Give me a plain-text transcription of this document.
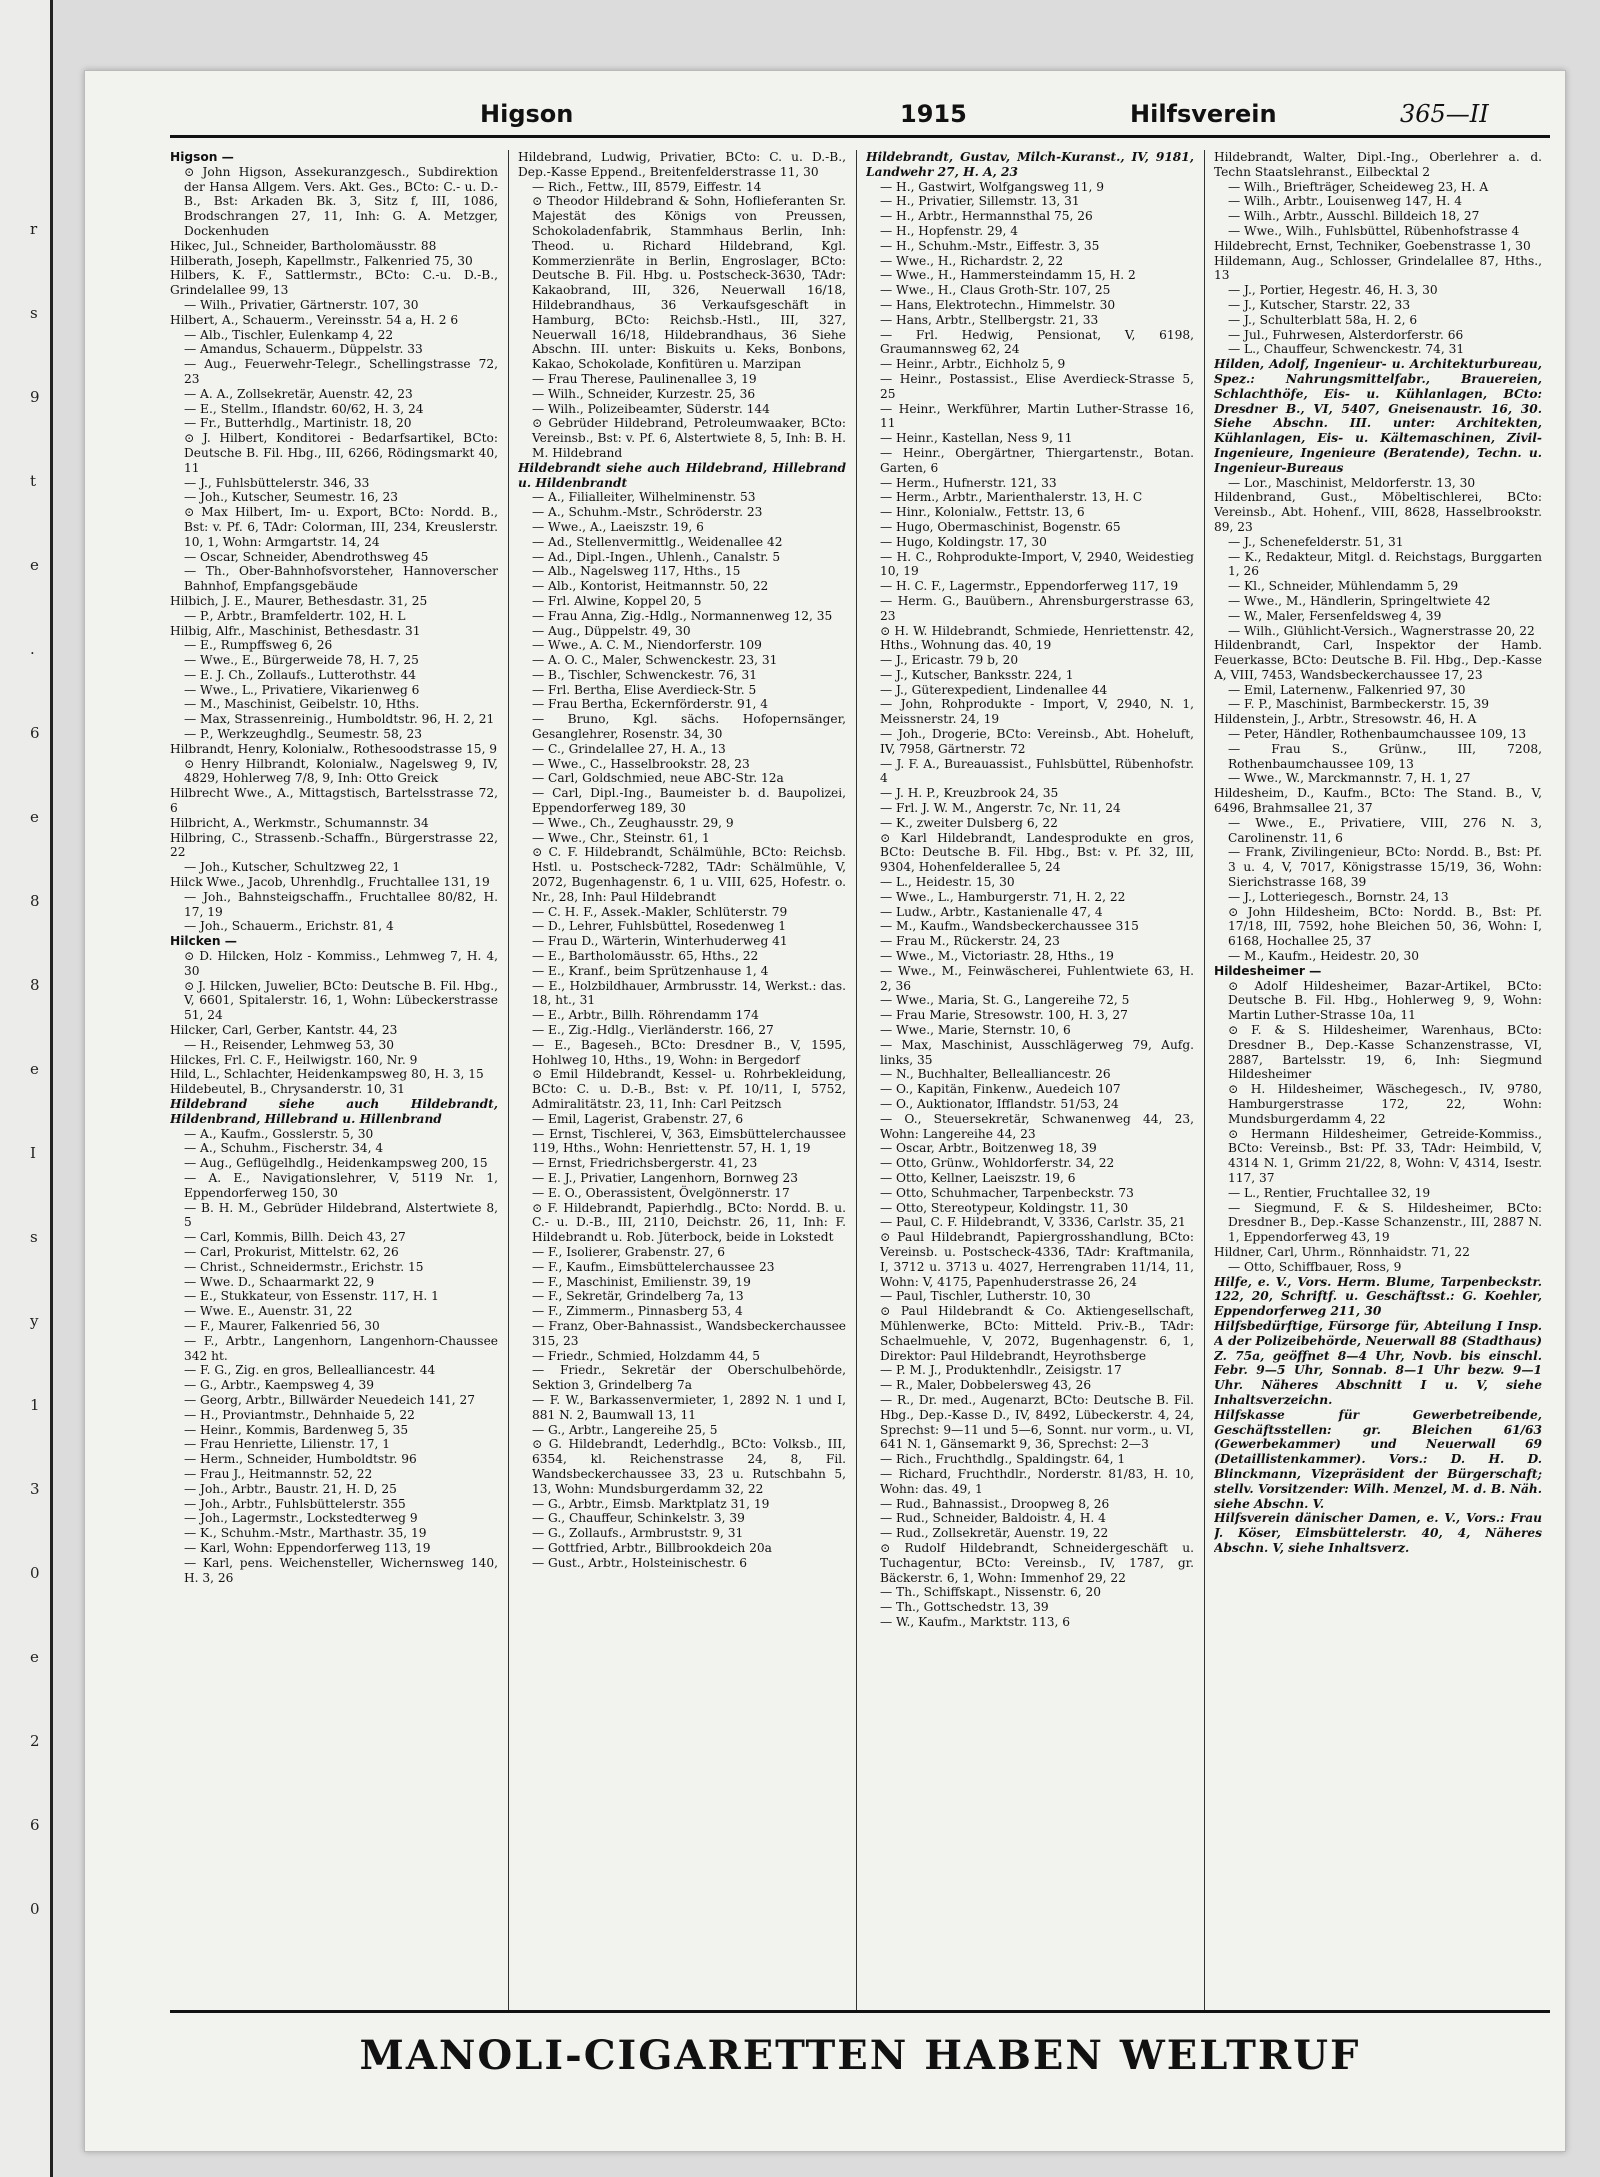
r
s
9
t
e
.
6
e
8
8
e
I
s
y
1
3
0
e
2
6
0
Higson	1915	Hilfsverein	365—II

Higson —

⊙ John Higson, Assekuranzgesch., Subdirektion der Hansa Allgem. Vers. Akt. Ges., BCto: C.- u. D.-B., Bst: Arkaden Bk. 3, Sitz f, III, 1086, Brodschrangen 27, 11, Inh: G. A. Metzger, Dockenhuden

Hikec, Jul., Schneider, Bartholomäusstr. 88

Hilberath, Joseph, Kapellmstr., Falkenried 75, 30

Hilbers, K. F., Sattlermstr., BCto: C.-u. D.-B., Grindelallee 99, 13

— Wilh., Privatier, Gärtnerstr. 107, 30

Hilbert, A., Schauerm., Vereinsstr. 54 a, H. 2 6

— Alb., Tischler, Eulenkamp 4, 22

— Amandus, Schauerm., Düppelstr. 33

— Aug., Feuerwehr-Telegr., Schellingstrasse 72, 23

— A. A., Zollsekretär, Auenstr. 42, 23

— E., Stellm., Iflandstr. 60/62, H. 3, 24

— Fr., Butterhdlg., Martinistr. 18, 20

⊙ J. Hilbert, Konditorei - Bedarfsartikel, BCto: Deutsche B. Fil. Hbg., III, 6266, Rödingsmarkt 40, 11

— J., Fuhlsbüttelerstr. 346, 33

— Joh., Kutscher, Seumestr. 16, 23

⊙ Max Hilbert, Im- u. Export, BCto: Nordd. B., Bst: v. Pf. 6, TAdr: Colorman, III, 234, Kreuslerstr. 10, 1, Wohn: Armgartstr. 14, 24

— Oscar, Schneider, Abendrothsweg 45

— Th., Ober-Bahnhofsvorsteher, Hannoverscher Bahnhof, Empfangsgebäude

Hilbich, J. E., Maurer, Bethesdastr. 31, 25

— P., Arbtr., Bramfeldertr. 102, H. L

Hilbig, Alfr., Maschinist, Bethesdastr. 31

— E., Rumpffsweg 6, 26

— Wwe., E., Bürgerweide 78, H. 7, 25

— E. J. Ch., Zollaufs., Lutterothstr. 44

— Wwe., L., Privatiere, Vikarienweg 6

— M., Maschinist, Geibelstr. 10, Hths.

— Max, Strassenreinig., Humboldtstr. 96, H. 2, 21

— P., Werkzeughdlg., Seumestr. 58, 23

Hilbrandt, Henry, Kolonialw., Rothesoodstrasse 15, 9

⊙ Henry Hilbrandt, Kolonialw., Nagelsweg 9, IV, 4829, Hohlerweg 7/8, 9, Inh: Otto Greick

Hilbrecht Wwe., A., Mittagstisch, Bartelsstrasse 72, 6

Hilbricht, A., Werkmstr., Schumannstr. 34

Hilbring, C., Strassenb.-Schaffn., Bürgerstrasse 22, 22

— Joh., Kutscher, Schultzweg 22, 1

Hilck Wwe., Jacob, Uhrenhdlg., Fruchtallee 131, 19

— Joh., Bahnsteigschaffn., Fruchtallee 80/82, H. 17, 19

— Joh., Schauerm., Erichstr. 81, 4

Hilcken —

⊙ D. Hilcken, Holz - Kommiss., Lehmweg 7, H. 4, 30

⊙ J. Hilcken, Juwelier, BCto: Deutsche B. Fil. Hbg., V, 6601, Spitalerstr. 16, 1, Wohn: Lübeckerstrasse 51, 24

Hilcker, Carl, Gerber, Kantstr. 44, 23

— H., Reisender, Lehmweg 53, 30

Hilckes, Frl. C. F., Heilwigstr. 160, Nr. 9

Hild, L., Schlachter, Heidenkampsweg 80, H. 3, 15

Hildebeutel, B., Chrysanderstr. 10, 31

Hildebrand siehe auch Hildebrandt, Hildenbrand, Hillebrand u. Hillenbrand

— A., Kaufm., Gosslerstr. 5, 30

— A., Schuhm., Fischerstr. 34, 4

— Aug., Geflügelhdlg., Heidenkampsweg 200, 15

— A. E., Navigationslehrer, V, 5119 Nr. 1, Eppendorferweg 150, 30

— B. H. M., Gebrüder Hildebrand, Alstertwiete 8, 5

— Carl, Kommis, Billh. Deich 43, 27

— Carl, Prokurist, Mittelstr. 62, 26

— Christ., Schneidermstr., Erichstr. 15

— Wwe. D., Schaarmarkt 22, 9

— E., Stukkateur, von Essenstr. 117, H. 1

— Wwe. E., Auenstr. 31, 22

— F., Maurer, Falkenried 56, 30

— F., Arbtr., Langenhorn, Langenhorn-Chaussee 342 ht.

— F. G., Zig. en gros, Bellealliancestr. 44

— G., Arbtr., Kaempsweg 4, 39

— Georg, Arbtr., Billwärder Neuedeich 141, 27

— H., Proviantmstr., Dehnhaide 5, 22

— Heinr., Kommis, Bardenweg 5, 35

— Frau Henriette, Lilienstr. 17, 1

— Herm., Schneider, Humboldtstr. 96

— Frau J., Heitmannstr. 52, 22

— Joh., Arbtr., Baustr. 21, H. D, 25

— Joh., Arbtr., Fuhlsbüttelerstr. 355

— Joh., Lagermstr., Lockstedterweg 9

— K., Schuhm.-Mstr., Marthastr. 35, 19

— Karl, Wohn: Eppendorferweg 113, 19

— Karl, pens. Weichensteller, Wichernsweg 140, H. 3, 26

Hildebrand, Ludwig, Privatier, BCto: C. u. D.-B., Dep.-Kasse Eppend., Breitenfelderstrasse 11, 30

— Rich., Fettw., III, 8579, Eiffestr. 14

⊙ Theodor Hildebrand & Sohn, Hoflieferanten Sr. Majestät des Königs von Preussen, Schokoladenfabrik, Stammhaus Berlin, Inh: Theod. u. Richard Hildebrand, Kgl. Kommerzienräte in Berlin, Engroslager, BCto: Deutsche B. Fil. Hbg. u. Postscheck-3630, TAdr: Kakaobrand, III, 326, Neuerwall 16/18, Hildebrandhaus, 36 Verkaufsgeschäft in Hamburg, BCto: Reichsb.-Hstl., III, 327, Neuerwall 16/18, Hildebrandhaus, 36 Siehe Abschn. III. unter: Biskuits u. Keks, Bonbons, Kakao, Schokolade, Konfitüren u. Marzipan

— Frau Therese, Paulinenallee 3, 19

— Wilh., Schneider, Kurzestr. 25, 36

— Wilh., Polizeibeamter, Süderstr. 144

⊙ Gebrüder Hildebrand, Petroleumwaaker, BCto: Vereinsb., Bst: v. Pf. 6, Alstertwiete 8, 5, Inh: B. H. M. Hildebrand

Hildebrandt siehe auch Hildebrand, Hillebrand u. Hildenbrandt

— A., Filialleiter, Wilhelminenstr. 53

— A., Schuhm.-Mstr., Schröderstr. 23

— Wwe., A., Laeiszstr. 19, 6

— Ad., Stellenvermittlg., Weidenallee 42

— Ad., Dipl.-Ingen., Uhlenh., Canalstr. 5

— Alb., Nagelsweg 117, Hths., 15

— Alb., Kontorist, Heitmannstr. 50, 22

— Frl. Alwine, Koppel 20, 5

— Frau Anna, Zig.-Hdlg., Normannenweg 12, 35

— Aug., Düppelstr. 49, 30

— Wwe., A. C. M., Niendorferstr. 109

— A. O. C., Maler, Schwenckestr. 23, 31

— B., Tischler, Schwenckestr. 76, 31

— Frl. Bertha, Elise Averdieck-Str. 5

— Frau Bertha, Eckernförderstr. 91, 4

— Bruno, Kgl. sächs. Hofopernsänger, Gesanglehrer, Rosenstr. 34, 30

— C., Grindelallee 27, H. A., 13

— Wwe., C., Hasselbrookstr. 28, 23

— Carl, Goldschmied, neue ABC-Str. 12a

— Carl, Dipl.-Ing., Baumeister b. d. Baupolizei, Eppendorferweg 189, 30

— Wwe., Ch., Zeughausstr. 29, 9

— Wwe., Chr., Steinstr. 61, 1

⊙ C. F. Hildebrandt, Schälmühle, BCto: Reichsb. Hstl. u. Postscheck-7282, TAdr: Schälmühle, V, 2072, Bugenhagenstr. 6, 1 u. VIII, 625, Hofestr. o. Nr., 28, Inh: Paul Hildebrandt

— C. H. F., Assek.-Makler, Schlüterstr. 79

— D., Lehrer, Fuhlsbüttel, Rosedenweg 1

— Frau D., Wärterin, Winterhuderweg 41

— E., Bartholomäusstr. 65, Hths., 22

— E., Kranf., beim Sprützenhause 1, 4

— E., Holzbildhauer, Armbrusstr. 14, Werkst.: das. 18, ht., 31

— E., Arbtr., Billh. Röhrendamm 174

— E., Zig.-Hdlg., Vierländerstr. 166, 27

— E., Bageseh., BCto: Dresdner B., V, 1595, Hohlweg 10, Hths., 19, Wohn: in Bergedorf

⊙ Emil Hildebrandt, Kessel- u. Rohrbekleidung, BCto: C. u. D.-B., Bst: v. Pf. 10/11, I, 5752, Admiralitätstr. 23, 11, Inh: Carl Peitzsch

— Emil, Lagerist, Grabenstr. 27, 6

— Ernst, Tischlerei, V, 363, Eimsbüttelerchaussee 119, Hths., Wohn: Henriettenstr. 57, H. 1, 19

— Ernst, Friedrichsbergerstr. 41, 23

— E. J., Privatier, Langenhorn, Bornweg 23

— E. O., Oberassistent, Övelgönnerstr. 17

⊙ F. Hildebrandt, Papierhdlg., BCto: Nordd. B. u. C.- u. D.-B., III, 2110, Deichstr. 26, 11, Inh: F. Hildebrandt u. Rob. Jüterbock, beide in Lokstedt

— F., Isolierer, Grabenstr. 27, 6

— F., Kaufm., Eimsbüttelerchaussee 23

— F., Maschinist, Emilienstr. 39, 19

— F., Sekretär, Grindelberg 7a, 13

— F., Zimmerm., Pinnasberg 53, 4

— Franz, Ober-Bahnassist., Wandsbeckerchaussee 315, 23

— Friedr., Schmied, Holzdamm 44, 5

— Friedr., Sekretär der Oberschulbehörde, Sektion 3, Grindelberg 7a

— F. W., Barkassenvermieter, 1, 2892 N. 1 und I, 881 N. 2, Baumwall 13, 11

— G., Arbtr., Langereihe 25, 5

⊙ G. Hildebrandt, Lederhdlg., BCto: Volksb., III, 6354, kl. Reichenstrasse 24, 8, Fil. Wandsbeckerchaussee 33, 23 u. Rutschbahn 5, 13, Wohn: Mundsburgerdamm 32, 22

— G., Arbtr., Eimsb. Marktplatz 31, 19

— G., Chauffeur, Schinkelstr. 3, 39

— G., Zollaufs., Armbruststr. 9, 31

— Gottfried, Arbtr., Billbrookdeich 20a

— Gust., Arbtr., Holsteinischestr. 6

Hildebrandt, Gustav, Milch-Kuranst., IV, 9181, Landwehr 27, H. A, 23

— H., Gastwirt, Wolfgangsweg 11, 9

— H., Privatier, Sillemstr. 13, 31

— H., Arbtr., Hermannsthal 75, 26

— H., Hopfenstr. 29, 4

— H., Schuhm.-Mstr., Eiffestr. 3, 35

— Wwe., H., Richardstr. 2, 22

— Wwe., H., Hammersteindamm 15, H. 2

— Wwe., H., Claus Groth-Str. 107, 25

— Hans, Elektrotechn., Himmelstr. 30

— Hans, Arbtr., Stellbergstr. 21, 33

— Frl. Hedwig, Pensionat, V, 6198, Graumannsweg 62, 24

— Heinr., Arbtr., Eichholz 5, 9

— Heinr., Postassist., Elise Averdieck-Strasse 5, 25

— Heinr., Werkführer, Martin Luther-Strasse 16, 11

— Heinr., Kastellan, Ness 9, 11

— Heinr., Obergärtner, Thiergartenstr., Botan. Garten, 6

— Herm., Hufnerstr. 121, 33

— Herm., Arbtr., Marienthalerstr. 13, H. C

— Hinr., Kolonialw., Fettstr. 13, 6

— Hugo, Obermaschinist, Bogenstr. 65

— Hugo, Koldingstr. 17, 30

— H. C., Rohprodukte-Import, V, 2940, Weidestieg 10, 19

— H. C. F., Lagermstr., Eppendorferweg 117, 19

— Herm. G., Bauübern., Ahrensburgerstrasse 63, 23

⊙ H. W. Hildebrandt, Schmiede, Henriettenstr. 42, Hths., Wohnung das. 40, 19

— J., Ericastr. 79 b, 20

— J., Kutscher, Banksstr. 224, 1

— J., Güterexpedient, Lindenallee 44

— John, Rohprodukte - Import, V, 2940, N. 1, Meissnerstr. 24, 19

— Joh., Drogerie, BCto: Vereinsb., Abt. Hoheluft, IV, 7958, Gärtnerstr. 72

— J. F. A., Bureauassist., Fuhlsbüttel, Rübenhofstr. 4

— J. H. P., Kreuzbrook 24, 35

— Frl. J. W. M., Angerstr. 7c, Nr. 11, 24

— K., zweiter Dulsberg 6, 22

⊙ Karl Hildebrandt, Landesprodukte en gros, BCto: Deutsche B. Fil. Hbg., Bst: v. Pf. 32, III, 9304, Hohenfelderallee 5, 24

— L., Heidestr. 15, 30

— Wwe., L., Hamburgerstr. 71, H. 2, 22

— Ludw., Arbtr., Kastanienalle 47, 4

— M., Kaufm., Wandsbeckerchaussee 315

— Frau M., Rückerstr. 24, 23

— Wwe., M., Victoriastr. 28, Hths., 19

— Wwe., M., Feinwäscherei, Fuhlentwiete 63, H. 2, 36

— Wwe., Maria, St. G., Langereihe 72, 5

— Frau Marie, Stresowstr. 100, H. 3, 27

— Wwe., Marie, Sternstr. 10, 6

— Max, Maschinist, Ausschlägerweg 79, Aufg. links, 35

— N., Buchhalter, Bellealliancestr. 26

— O., Kapitän, Finkenw., Auedeich 107

— O., Auktionator, Ifflandstr. 51/53, 24

— O., Steuersekretär, Schwanenweg 44, 23, Wohn: Langereihe 44, 23

— Oscar, Arbtr., Boitzenweg 18, 39

— Otto, Grünw., Wohldorferstr. 34, 22

— Otto, Kellner, Laeiszstr. 19, 6

— Otto, Schuhmacher, Tarpenbeckstr. 73

— Otto, Stereotypeur, Koldingstr. 11, 30

— Paul, C. F. Hildebrandt, V, 3336, Carlstr. 35, 21

⊙ Paul Hildebrandt, Papiergrosshandlung, BCto: Vereinsb. u. Postscheck-4336, TAdr: Kraftmanila, I, 3712 u. 3713 u. 4027, Herrengraben 11/14, 11, Wohn: V, 4175, Papenhuderstrasse 26, 24

— Paul, Tischler, Lutherstr. 10, 30

⊙ Paul Hildebrandt & Co. Aktiengesellschaft, Mühlenwerke, BCto: Mitteld. Priv.-B., TAdr: Schaelmuehle, V, 2072, Bugenhagenstr. 6, 1, Direktor: Paul Hildebrandt, Heyrothsberge

— P. M. J., Produktenhdlr., Zeisigstr. 17

— R., Maler, Dobbelersweg 43, 26

— R., Dr. med., Augenarzt, BCto: Deutsche B. Fil. Hbg., Dep.-Kasse D., IV, 8492, Lübeckerstr. 4, 24, Sprechst: 9—11 und 5—6, Sonnt. nur vorm., u. VI, 641 N. 1, Gänsemarkt 9, 36, Sprechst: 2—3

— Rich., Fruchthdlg., Spaldingstr. 64, 1

— Richard, Fruchthdlr., Norderstr. 81/83, H. 10, Wohn: das. 49, 1

— Rud., Bahnassist., Droopweg 8, 26

— Rud., Schneider, Baldoistr. 4, H. 4

— Rud., Zollsekretär, Auenstr. 19, 22

⊙ Rudolf Hildebrandt, Schneidergeschäft u. Tuchagentur, BCto: Vereinsb., IV, 1787, gr. Bäckerstr. 6, 1, Wohn: Immenhof 29, 22

— Th., Schiffskapt., Nissenstr. 6, 20

— Th., Gottschedstr. 13, 39

— W., Kaufm., Marktstr. 113, 6

Hildebrandt, Walter, Dipl.-Ing., Oberlehrer a. d. Techn Staatslehranst., Eilbecktal 2

— Wilh., Briefträger, Scheideweg 23, H. A

— Wilh., Arbtr., Louisenweg 147, H. 4

— Wilh., Arbtr., Ausschl. Billdeich 18, 27

— Wwe., Wilh., Fuhlsbüttel, Rübenhofstrasse 4

Hildebrecht, Ernst, Techniker, Goebenstrasse 1, 30

Hildemann, Aug., Schlosser, Grindelallee 87, Hths., 13

— J., Portier, Hegestr. 46, H. 3, 30

— J., Kutscher, Starstr. 22, 33

— J., Schulterblatt 58a, H. 2, 6

— Jul., Fuhrwesen, Alsterdorferstr. 66

— L., Chauffeur, Schwenckestr. 74, 31

Hilden, Adolf, Ingenieur- u. Architekturbureau, Spez.: Nahrungsmittelfabr., Brauereien, Schlachthöfe, Eis- u. Kühlanlagen, BCto: Dresdner B., VI, 5407, Gneisenaustr. 16, 30. Siehe Abschn. III. unter: Architekten, Kühlanlagen, Eis- u. Kältemaschinen, Zivil-Ingenieure, Ingenieure (Beratende), Techn. u. Ingenieur-Bureaus

— Lor., Maschinist, Meldorferstr. 13, 30

Hildenbrand, Gust., Möbeltischlerei, BCto: Vereinsb., Abt. Hohenf., VIII, 8628, Hasselbrookstr. 89, 23

— J., Schenefelderstr. 51, 31

— K., Redakteur, Mitgl. d. Reichstags, Burggarten 1, 26

— Kl., Schneider, Mühlendamm 5, 29

— Wwe., M., Händlerin, Springeltwiete 42

— W., Maler, Fersenfeldsweg 4, 39

— Wilh., Glühlicht-Versich., Wagnerstrasse 20, 22

Hildenbrandt, Carl, Inspektor der Hamb. Feuerkasse, BCto: Deutsche B. Fil. Hbg., Dep.-Kasse A, VIII, 7453, Wandsbeckerchaussee 17, 23

— Emil, Laternenw., Falkenried 97, 30

— F. P., Maschinist, Barmbeckerstr. 15, 39

Hildenstein, J., Arbtr., Stresowstr. 46, H. A

— Peter, Händler, Rothenbaumchaussee 109, 13

— Frau S., Grünw., III, 7208, Rothenbaumchaussee 109, 13

— Wwe., W., Marckmannstr. 7, H. 1, 27

Hildesheim, D., Kaufm., BCto: The Stand. B., V, 6496, Brahmsallee 21, 37

— Wwe., E., Privatiere, VIII, 276 N. 3, Carolinenstr. 11, 6

— Frank, Zivilingenieur, BCto: Nordd. B., Bst: Pf. 3 u. 4, V, 7017, Königstrasse 15/19, 36, Wohn: Sierichstrasse 168, 39

— J., Lotteriegesch., Bornstr. 24, 13

⊙ John Hildesheim, BCto: Nordd. B., Bst: Pf. 17/18, III, 7592, hohe Bleichen 50, 36, Wohn: I, 6168, Hochallee 25, 37

— M., Kaufm., Heidestr. 20, 30

Hildesheimer —

⊙ Adolf Hildesheimer, Bazar-Artikel, BCto: Deutsche B. Fil. Hbg., Hohlerweg 9, 9, Wohn: Martin Luther-Strasse 10a, 11

⊙ F. & S. Hildesheimer, Warenhaus, BCto: Dresdner B., Dep.-Kasse Schanzenstrasse, VI, 2887, Bartelsstr. 19, 6, Inh: Siegmund Hildesheimer

⊙ H. Hildesheimer, Wäschegesch., IV, 9780, Hamburgerstrasse 172, 22, Wohn: Mundsburgerdamm 4, 22

⊙ Hermann Hildesheimer, Getreide-Kommiss., BCto: Vereinsb., Bst: Pf. 33, TAdr: Heimbild, V, 4314 N. 1, Grimm 21/22, 8, Wohn: V, 4314, Isestr. 117, 37

— L., Rentier, Fruchtallee 32, 19

— Siegmund, F. & S. Hildesheimer, BCto: Dresdner B., Dep.-Kasse Schanzenstr., III, 2887 N. 1, Eppendorferweg 43, 19

Hildner, Carl, Uhrm., Rönnhaidstr. 71, 22

— Otto, Schiffbauer, Ross, 9

Hilfe, e. V., Vors. Herm. Blume, Tarpenbeckstr. 122, 20, Schriftf. u. Geschäftsst.: G. Koehler, Eppendorferweg 211, 30

Hilfsbedürftige, Fürsorge für, Abteilung I Insp. A der Polizeibehörde, Neuerwall 88 (Stadthaus) Z. 75a, geöffnet 8—4 Uhr, Novb. bis einschl. Febr. 9—5 Uhr, Sonnab. 8—1 Uhr bezw. 9—1 Uhr. Näheres Abschnitt I u. V, siehe Inhaltsverzeichn.

Hilfskasse für Gewerbetreibende, Geschäftsstellen: gr. Bleichen 61/63 (Gewerbekammer) und Neuerwall 69 (Detaillistenkammer). Vors.: D. H. D. Blinckmann, Vizepräsident der Bürgerschaft; stellv. Vorsitzender: Wilh. Menzel, M. d. B. Näh. siehe Abschn. V.

Hilfsverein dänischer Damen, e. V., Vors.: Frau J. Köser, Eimsbüttelerstr. 40, 4, Näheres Abschn. V, siehe Inhaltsverz.

MANOLI-CIGARETTEN HABEN WELTRUF
